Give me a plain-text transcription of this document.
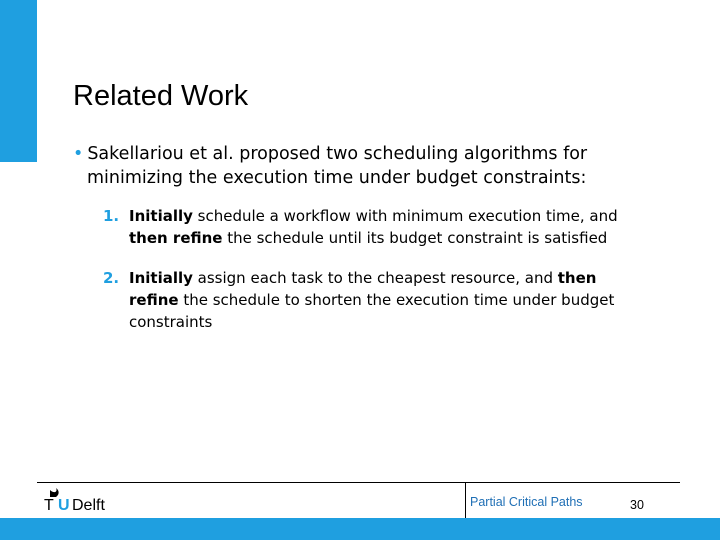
Related Work
• Sakellariou et al. proposed two scheduling algorithms for
minimizing the execution time under budget constraints:
1. Initially schedule a workflow with minimum execution time, and
then refine the schedule until its budget constraint is satisfied
2. Initially assign each task to the cheapest resource, and then
refine the schedule to shorten the execution time under budget
constraints
T U Delft	Partial Critical Paths	30
